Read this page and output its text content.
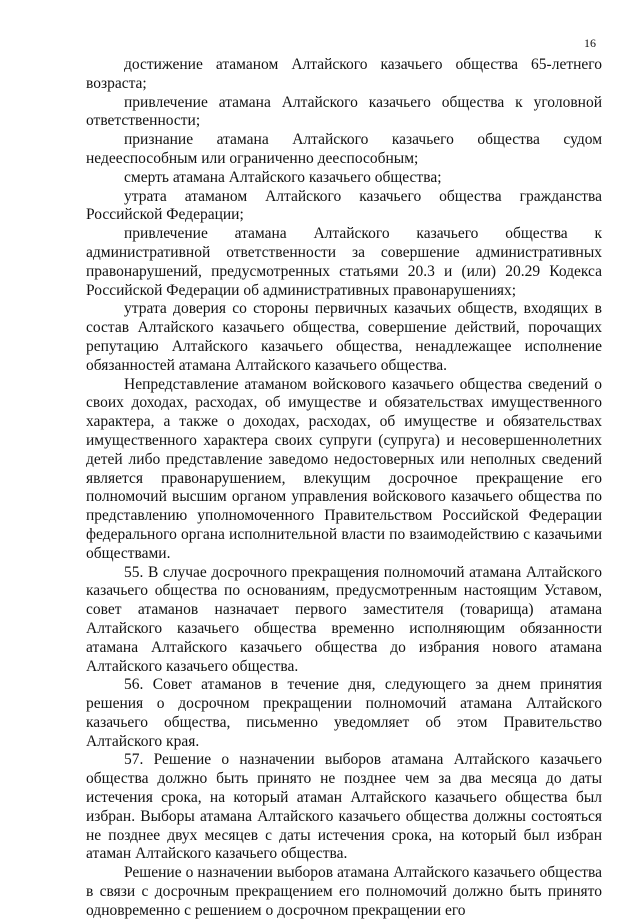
16

достижение атаманом Алтайского казачьего общества 65-летнего возраста;

привлечение атамана Алтайского казачьего общества к уголовной ответственности;

признание атамана Алтайского казачьего общества судом недееспособным или ограниченно дееспособным;

смерть атамана Алтайского казачьего общества;

утрата атаманом Алтайского казачьего общества гражданства Российской Федерации;

привлечение атамана Алтайского казачьего общества к административной ответственности за совершение административных правонарушений, предусмотренных статьями 20.3 и (или) 20.29 Кодекса Российской Федерации об административных правонарушениях;

утрата доверия со стороны первичных казачьих обществ, входящих в состав Алтайского казачьего общества, совершение действий, порочащих репутацию Алтайского казачьего общества, ненадлежащее исполнение обязанностей атамана Алтайского казачьего общества.

Непредставление атаманом войскового казачьего общества сведений о своих доходах, расходах, об имуществе и обязательствах имущественного характера, а также о доходах, расходах, об имуществе и обязательствах имущественного характера своих супруги (супруга) и несовершеннолетних детей либо представление заведомо недостоверных или неполных сведений является правонарушением, влекущим досрочное прекращение его полномочий высшим органом управления войскового казачьего общества по представлению уполномоченного Правительством Российской Федерации федерального органа исполнительной власти по взаимодействию с казачьими обществами.

55. В случае досрочного прекращения полномочий атамана Алтайского казачьего общества по основаниям, предусмотренным настоящим Уставом, совет атаманов назначает первого заместителя (товарища) атамана Алтайского казачьего общества временно исполняющим обязанности атамана Алтайского казачьего общества до избрания нового атамана Алтайского казачьего общества.

56. Совет атаманов в течение дня, следующего за днем принятия решения о досрочном прекращении полномочий атамана Алтайского казачьего общества, письменно уведомляет об этом Правительство Алтайского края.

57. Решение о назначении выборов атамана Алтайского казачьего общества должно быть принято не позднее чем за два месяца до даты истечения срока, на который атаман Алтайского казачьего общества был избран. Выборы атамана Алтайского казачьего общества должны состояться не позднее двух месяцев с даты истечения срока, на который был избран атаман Алтайского казачьего общества.

Решение о назначении выборов атамана Алтайского казачьего общества в связи с досрочным прекращением его полномочий должно быть принято одновременно с решением о досрочном прекращении его
